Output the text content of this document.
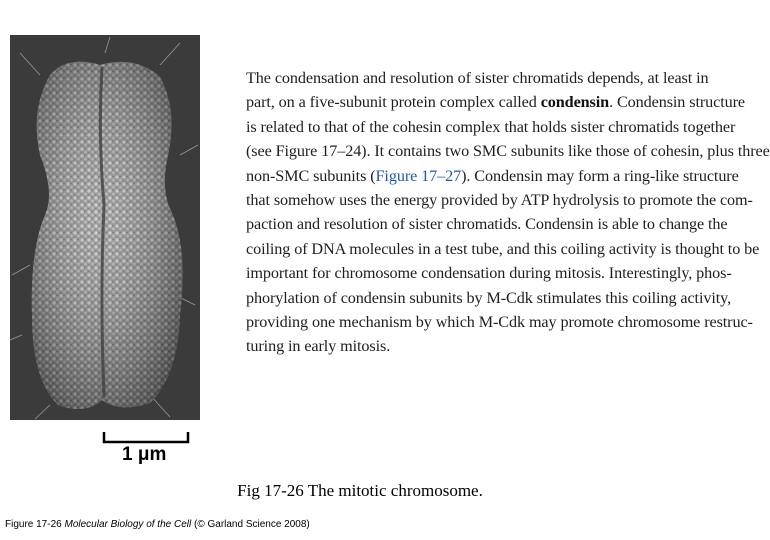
1 μm
The condensation and resolution of sister chromatids depends, at least in
part, on a five-subunit protein complex called condensin. Condensin structure
is related to that of the cohesin complex that holds sister chromatids together
(see Figure 17–24). It contains two SMC subunits like those of cohesin, plus three
non-SMC subunits (Figure 17–27). Condensin may form a ring-like structure
that somehow uses the energy provided by ATP hydrolysis to promote the com-
paction and resolution of sister chromatids. Condensin is able to change the
coiling of DNA molecules in a test tube, and this coiling activity is thought to be
important for chromosome condensation during mitosis. Interestingly, phos-
phorylation of condensin subunits by M-Cdk stimulates this coiling activity,
providing one mechanism by which M-Cdk may promote chromosome restruc-
turing in early mitosis.
Fig 17-26 The mitotic chromosome.
Figure 17-26 Molecular Biology of the Cell (© Garland Science 2008)
